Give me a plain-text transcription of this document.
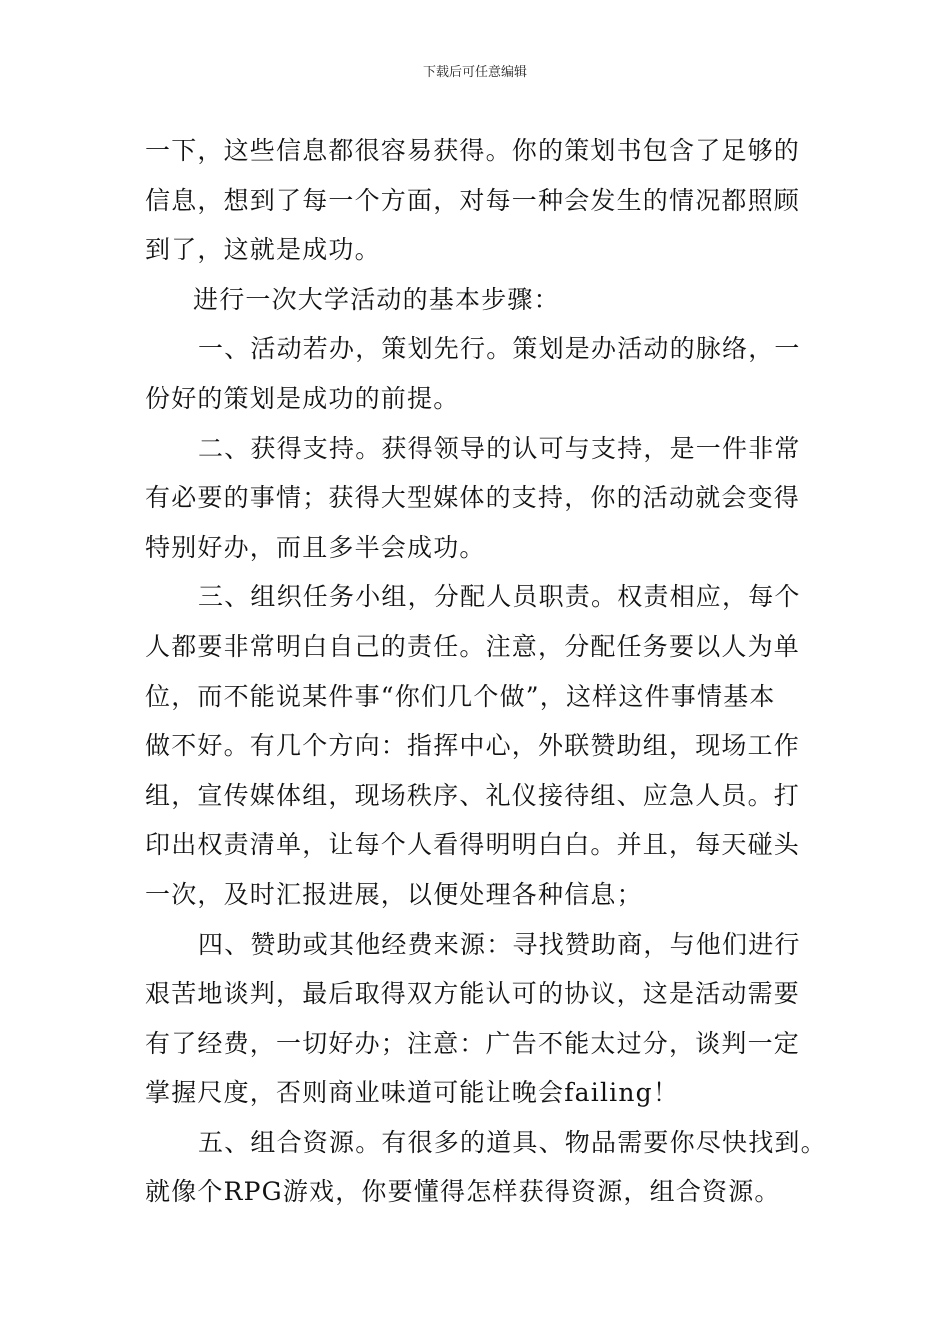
下载后可任意编辑
一下，这些信息都很容易获得。你的策划书包含了足够的
信息，想到了每一个方面，对每一种会发生的情况都照顾
到了，这就是成功。
进行一次大学活动的基本步骤：
一、活动若办，策划先行。策划是办活动的脉络，一
份好的策划是成功的前提。
二、获得支持。获得领导的认可与支持，是一件非常
有必要的事情；获得大型媒体的支持，你的活动就会变得
特别好办，而且多半会成功。
三、组织任务小组，分配人员职责。权责相应，每个
人都要非常明白自己的责任。注意，分配任务要以人为单
位，而不能说某件事“你们几个做”，这样这件事情基本
做不好。有几个方向：指挥中心，外联赞助组，现场工作
组，宣传媒体组，现场秩序、礼仪接待组、应急人员。打
印出权责清单，让每个人看得明明白白。并且，每天碰头
一次，及时汇报进展，以便处理各种信息；
四、赞助或其他经费来源：寻找赞助商，与他们进行
艰苦地谈判，最后取得双方能认可的协议，这是活动需要
有了经费，一切好办；注意：广告不能太过分，谈判一定
掌握尺度，否则商业味道可能让晚会failing！
五、组合资源。有很多的道具、物品需要你尽快找到。
就像个RPG游戏，你要懂得怎样获得资源，组合资源。
